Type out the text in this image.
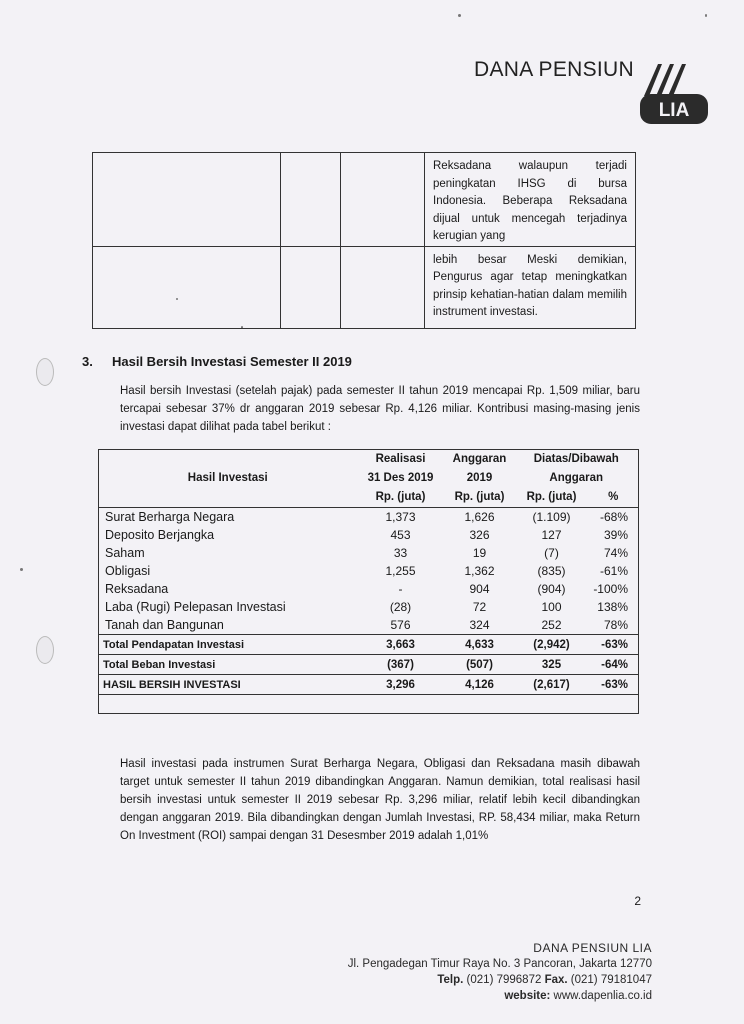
DANA PENSIUN
LIA

			Reksadana walaupun terjadi peningkatan IHSG di bursa Indonesia. Beberapa Reksadana dijual untuk mencegah terjadinya kerugian yang

			lebih besar Meski demikian, Pengurus agar tetap meningkatkan prinsip kehatian-hatian dalam memilih instrument investasi.
3. Hasil Bersih Investasi Semester II 2019
Hasil bersih Investasi (setelah pajak) pada semester II tahun 2019 mencapai Rp. 1,509 miliar, baru tercapai sebesar 37% dr anggaran 2019 sebesar Rp. 4,126 miliar. Kontribusi masing-masing jenis investasi dapat dilihat pada tabel berikut :
Hasil Investasi	Realisasi	Anggaran	Diatas/Dibawah	
	31 Des 2019	2019	Anggaran	
	Rp. (juta)	Rp. (juta)	Rp. (juta)	%
Surat Berharga Negara	1,373	1,626	(1.109)	-68%
Deposito Berjangka	453	326	127	39%
Saham	33	19	(7)	74%
Obligasi	1,255	1,362	(835)	-61%
Reksadana	-	904	(904)	-100%
Laba (Rugi) Pelepasan Investasi	(28)	72	100	138%
Tanah dan Bangunan	576	324	252	78%
Total Pendapatan Investasi	3,663	4,633	(2,942)	-63%
Total Beban Investasi	(367)	(507)	325	-64%
HASIL BERSIH INVESTASI	3,296	4,126	(2,617)	-63%

Hasil investasi pada instrumen Surat Berharga Negara, Obligasi dan Reksadana masih dibawah target untuk semester II tahun 2019 dibandingkan Anggaran. Namun demikian, total realisasi hasil bersih investasi untuk semester II 2019 sebesar Rp. 3,296 miliar, relatif lebih kecil dibandingkan dengan anggaran 2019. Bila dibandingkan dengan Jumlah Investasi, RP. 58,434 miliar, maka Return On Investment (ROI) sampai dengan 31 Desesmber 2019 adalah 1,01%
2
DANA PENSIUN LIA
Jl. Pengadegan Timur Raya No. 3 Pancoran, Jakarta 12770
Telp. (021) 7996872 Fax. (021) 79181047
website: www.dapenlia.co.id
